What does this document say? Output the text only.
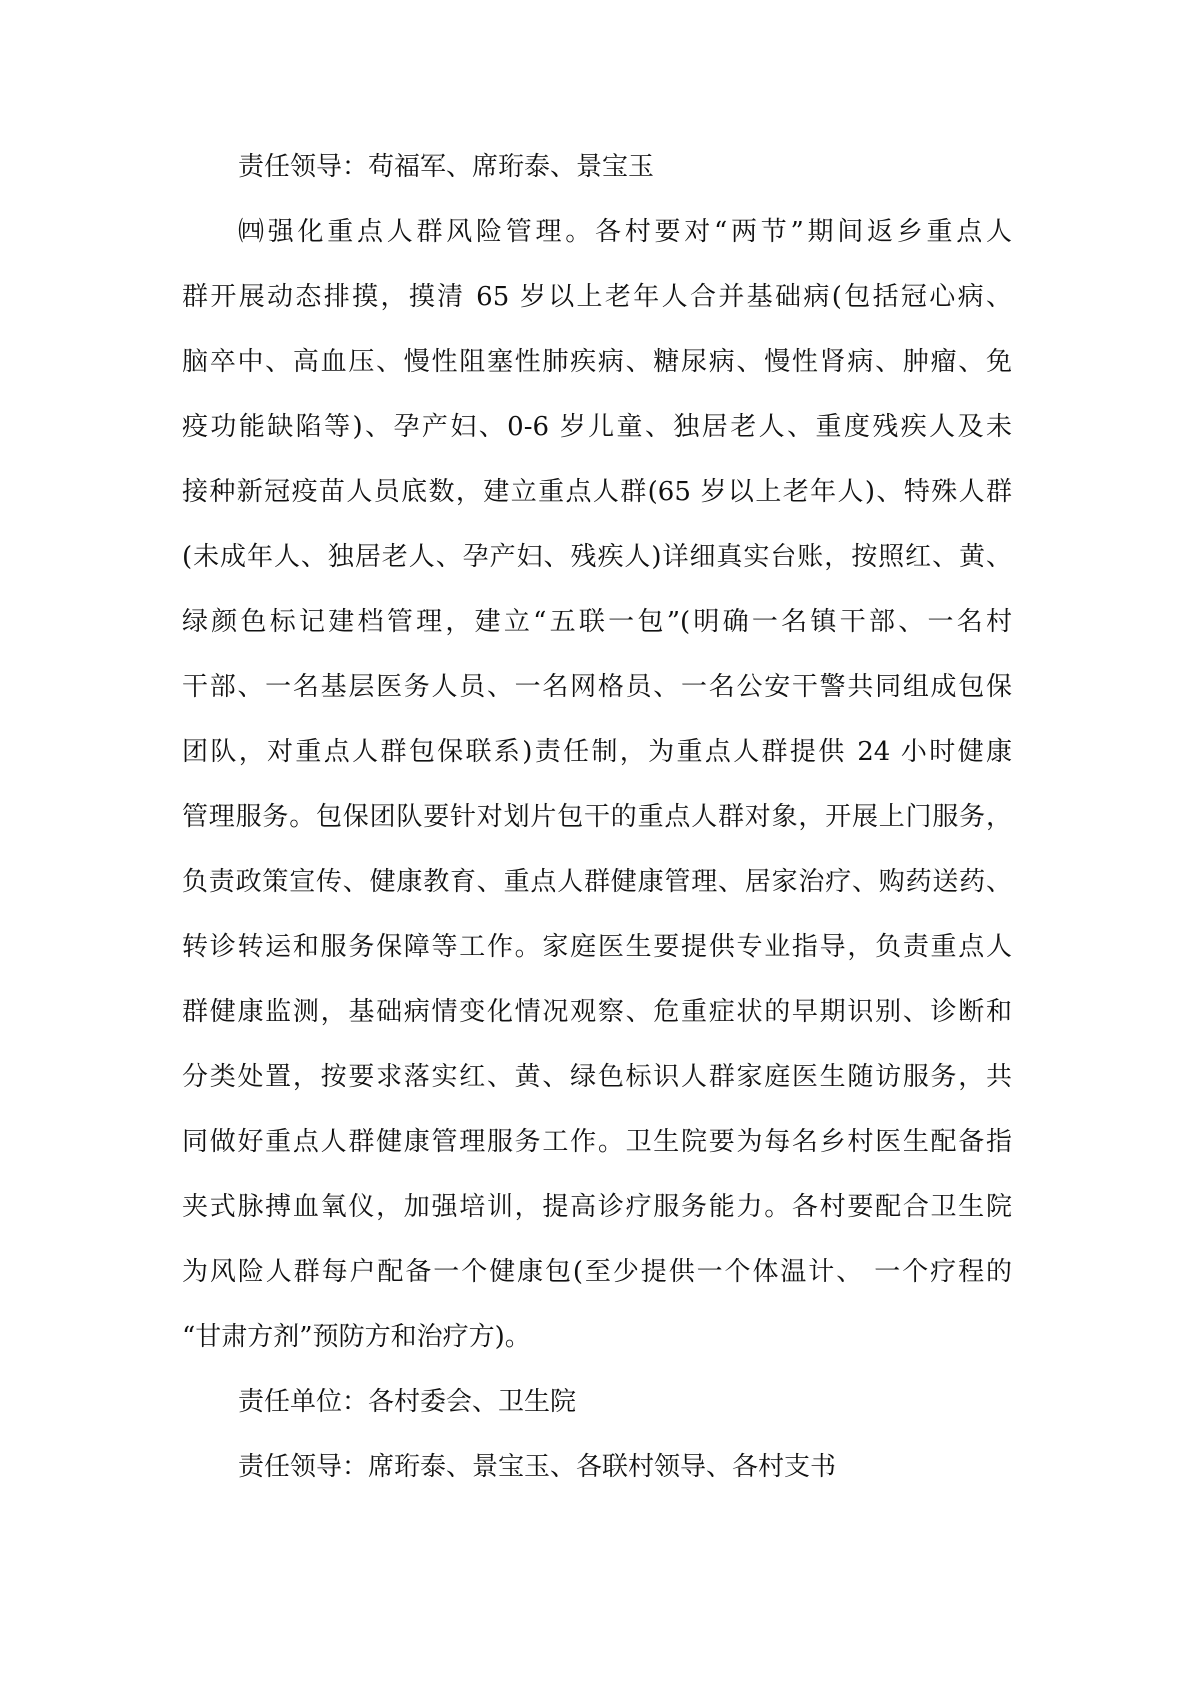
责任领导：苟福军、席珩泰、景宝玉
㈣强化重点人群风险管理。各村要对“两节”期间返乡重点人
群开展动态排摸，摸清 65 岁以上老年人合并基础病(包括冠心病、
脑卒中、高血压、慢性阻塞性肺疾病、糖尿病、慢性肾病、肿瘤、免
疫功能缺陷等)、孕产妇、0-6 岁儿童、独居老人、重度残疾人及未
接种新冠疫苗人员底数，建立重点人群(65 岁以上老年人)、特殊人群
(未成年人、独居老人、孕产妇、残疾人)详细真实台账，按照红、黄、
绿颜色标记建档管理，建立“五联一包”(明确一名镇干部、一名村
干部、一名基层医务人员、一名网格员、一名公安干警共同组成包保
团队，对重点人群包保联系)责任制，为重点人群提供 24 小时健康
管理服务。包保团队要针对划片包干的重点人群对象，开展上门服务，
负责政策宣传、健康教育、重点人群健康管理、居家治疗、购药送药、
转诊转运和服务保障等工作。家庭医生要提供专业指导，负责重点人
群健康监测，基础病情变化情况观察、危重症状的早期识别、诊断和
分类处置，按要求落实红、黄、绿色标识人群家庭医生随访服务，共
同做好重点人群健康管理服务工作。卫生院要为每名乡村医生配备指
夹式脉搏血氧仪，加强培训，提高诊疗服务能力。各村要配合卫生院
为风险人群每户配备一个健康包(至少提供一个体温计、 一个疗程的
“甘肃方剂”预防方和治疗方)。
责任单位：各村委会、卫生院
责任领导：席珩泰、景宝玉、各联村领导、各村支书
